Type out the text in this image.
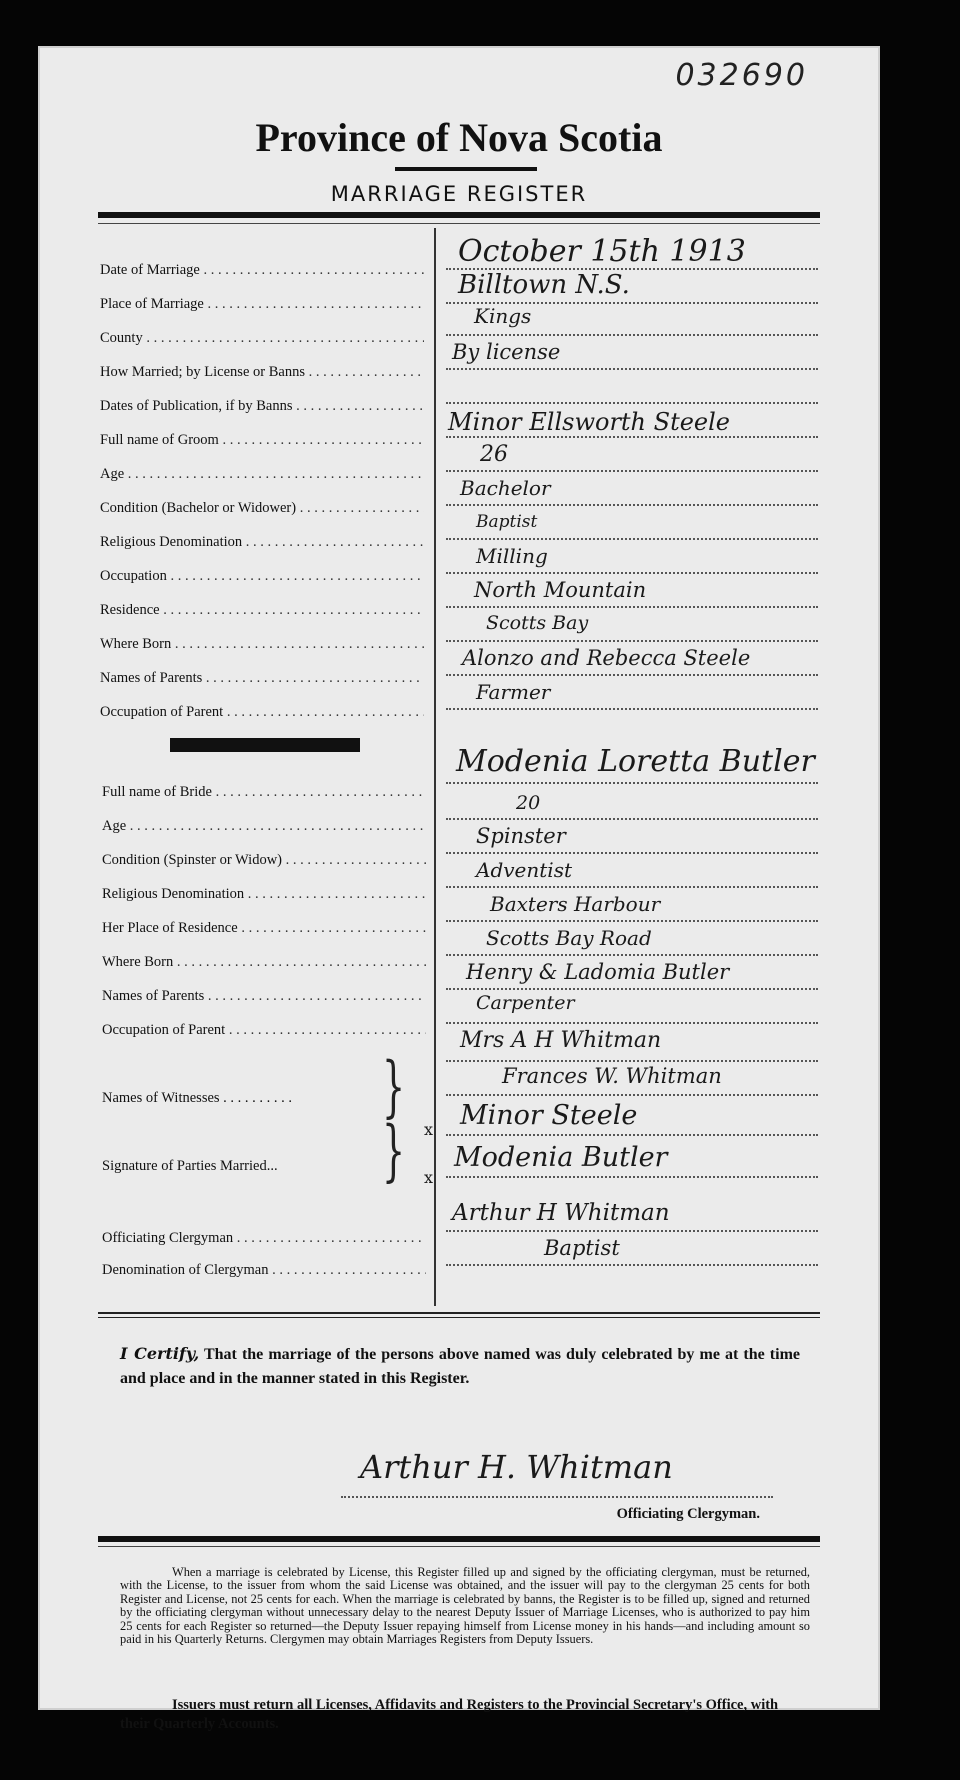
032690
Province of Nova Scotia
MARRIAGE REGISTER
Date of Marriage . . .
October 15th 1913
Place of Marriage . . .
Billtown N.S.
County . . .
Kings
How Married; by License or Banns . . .
By license
Dates of Publication, if by Banns . . .
Full name of Groom . . .
Minor Ellsworth Steele
Age . . .
26
Condition (Bachelor or Widower) . . .
Bachelor
Religious Denomination . . .
Baptist
Occupation . . .
Milling
Residence . . .
North Mountain
Where Born . . .
Scotts Bay
Names of Parents . . .
Alonzo and Rebecca Steele
Occupation of Parent . . .
Farmer
Full name of Bride . . .
Modenia Loretta Butler
Age . . .
20
Condition (Spinster or Widow) . . .
Spinster
Religious Denomination . . .
Adventist
Her Place of Residence . . .
Baxters Harbour
Where Born . . .
Scotts Bay Road
Names of Parents . . .
Henry & Ladomia Butler
Occupation of Parent . . .
Carpenter
Names of Witnesses . . . . . . . . . .	}
Mrs A H Whitman
Frances W. Whitman
Signature of Parties Married...	} x
x
Minor Steele
Modenia Butler
Officiating Clergyman . . .
Arthur H Whitman
Denomination of Clergyman . . .
Baptist
I Certify, That the marriage of the persons above named was duly celebrated by me at the time and place and in the manner stated in this Register.
Arthur H. Whitman
Officiating Clergyman.
When a marriage is celebrated by License, this Register filled up and signed by the officiating clergyman, must be returned, with the License, to the issuer from whom the said License was obtained, and the issuer will pay to the clergyman 25 cents for both Register and License, not 25 cents for each. When the marriage is celebrated by banns, the Register is to be filled up, signed and returned by the officiating clergyman without unnecessary delay to the nearest Deputy Issuer of Marriage Licenses, who is authorized to pay him 25 cents for each Register so returned—the Deputy Issuer repaying himself from License money in his hands—and including amount so paid in his Quarterly Returns. Clergymen may obtain Marriages Registers from Deputy Issuers.
Issuers must return all Licenses, Affidavits and Registers to the Provincial Secretary's Office, with their Quarterly Accounts.
